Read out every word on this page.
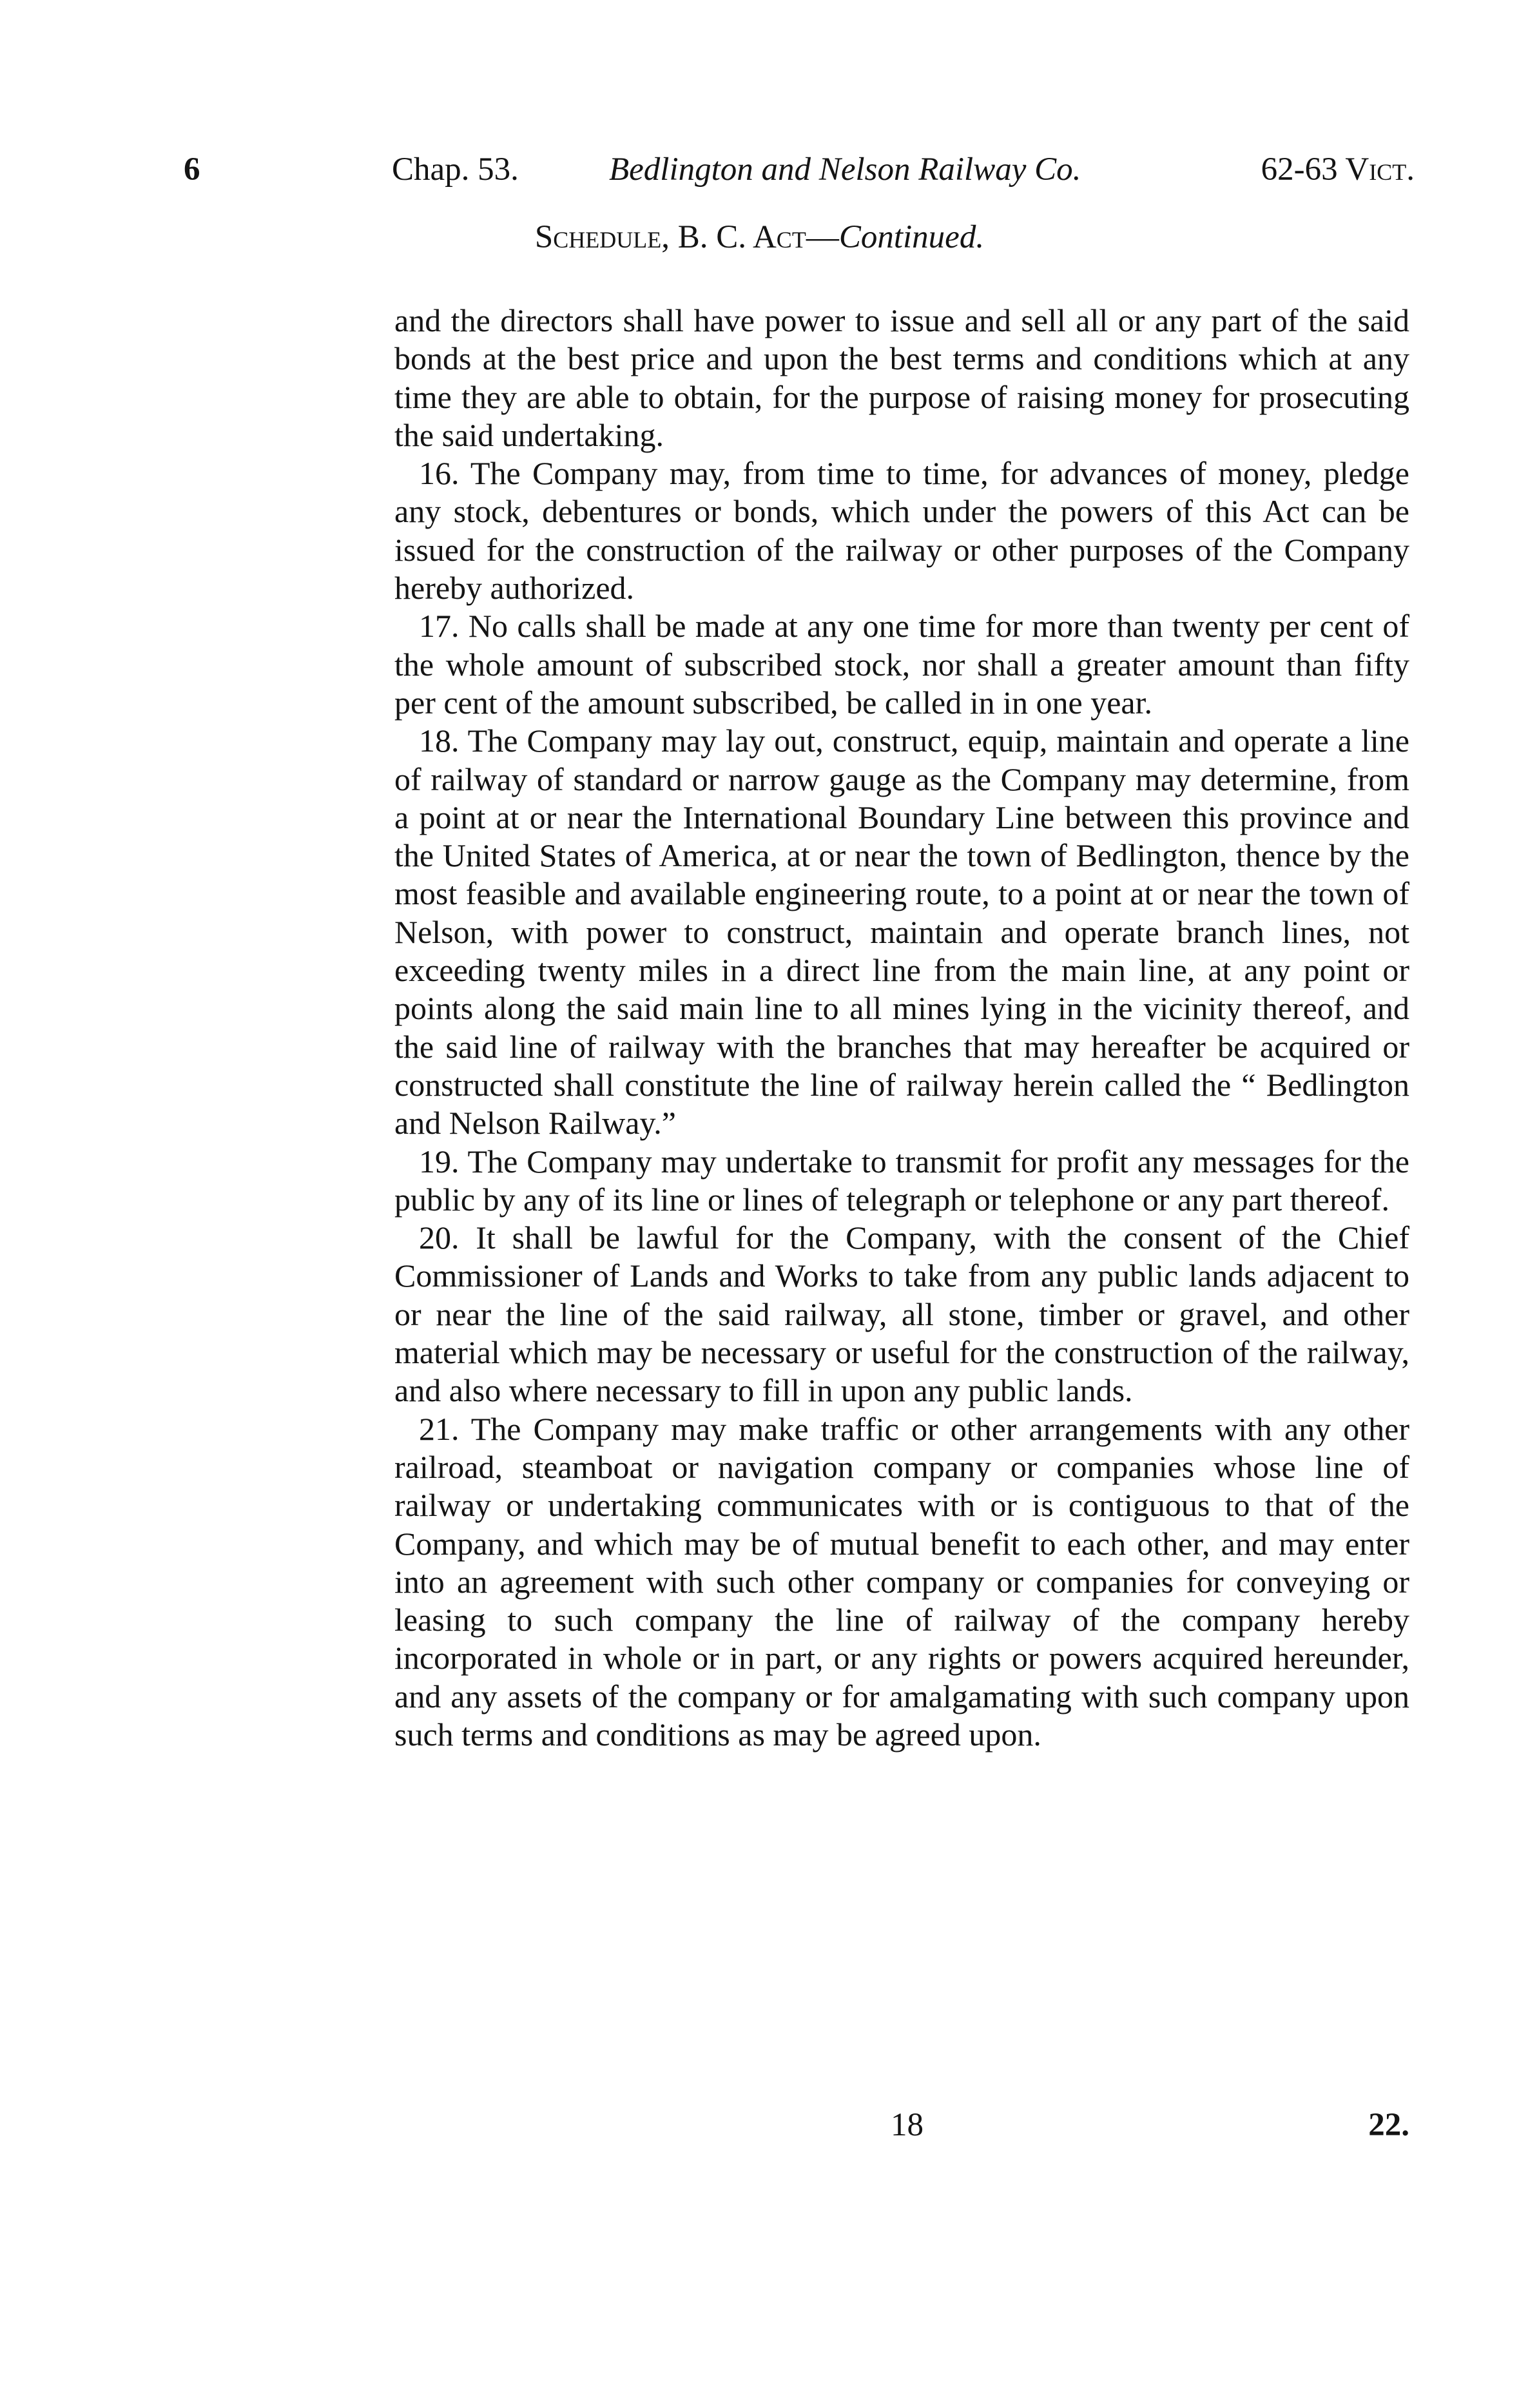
6	Chap. 53.	Bedlington and Nelson Railway Co.	62-63 Vict.
Schedule, B. C. Act—Continued.

and the directors shall have power to issue and sell all or any part of the said bonds at the best price and upon the best terms and conditions which at any time they are able to obtain, for the purpose of raising money for prosecuting the said undertaking.

16. The Company may, from time to time, for advances of money, pledge any stock, debentures or bonds, which under the powers of this Act can be issued for the construction of the railway or other purposes of the Company hereby authorized.

17. No calls shall be made at any one time for more than twenty per cent of the whole amount of subscribed stock, nor shall a greater amount than fifty per cent of the amount subscribed, be called in in one year.

18. The Company may lay out, construct, equip, maintain and operate a line of railway of standard or narrow gauge as the Company may determine, from a point at or near the International Boundary Line between this province and the United States of America, at or near the town of Bedlington, thence by the most feasible and available engineering route, to a point at or near the town of Nelson, with power to construct, maintain and operate branch lines, not exceeding twenty miles in a direct line from the main line, at any point or points along the said main line to all mines lying in the vicinity thereof, and the said line of railway with the branches that may hereafter be acquired or constructed shall constitute the line of railway herein called the “ Bedlington and Nelson Railway.”

19. The Company may undertake to transmit for profit any messages for the public by any of its line or lines of telegraph or telephone or any part thereof.

20. It shall be lawful for the Company, with the consent of the Chief Commissioner of Lands and Works to take from any public lands adjacent to or near the line of the said railway, all stone, timber or gravel, and other material which may be necessary or useful for the construction of the railway, and also where necessary to fill in upon any public lands.

21. The Company may make traffic or other arrangements with any other railroad, steamboat or navigation company or companies whose line of railway or undertaking communicates with or is contiguous to that of the Company, and which may be of mutual benefit to each other, and may enter into an agreement with such other company or companies for conveying or leasing to such company the line of railway of the company hereby incorporated in whole or in part, or any rights or powers acquired hereunder, and any assets of the company or for amalgamating with such company upon such terms and conditions as may be agreed upon.

18	22.
